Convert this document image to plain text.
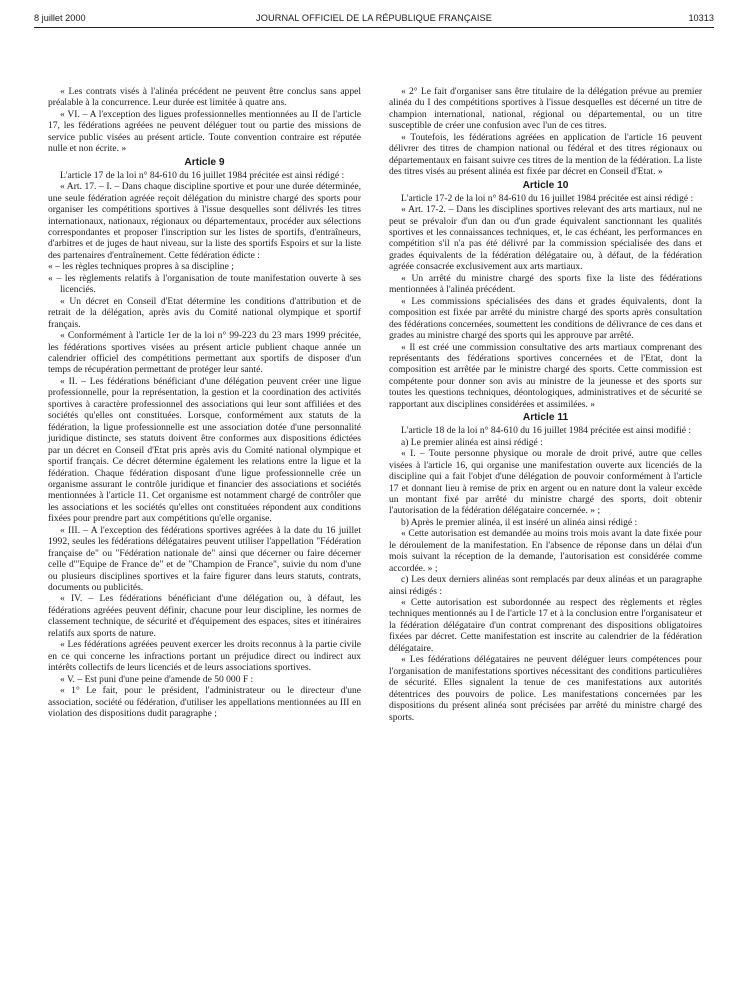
8 juillet 2000	JOURNAL OFFICIEL DE LA RÉPUBLIQUE FRANÇAISE	10313

« Les contrats visés à l'alinéa précédent ne peuvent être conclus sans appel préalable à la concurrence. Leur durée est limitée à quatre ans.

« VI. – A l'exception des ligues professionnelles mentionnées au II de l'article 17, les fédérations agréées ne peuvent déléguer tout ou partie des missions de service public visées au présent article. Toute convention contraire est réputée nulle et non écrite. »

Article 9

L'article 17 de la loi n° 84-610 du 16 juillet 1984 précitée est ainsi rédigé :

« Art. 17. – I. – Dans chaque discipline sportive et pour une durée déterminée, une seule fédération agréée reçoit délégation du ministre chargé des sports pour organiser les compétitions sportives à l'issue desquelles sont délivrés les titres internationaux, nationaux, régionaux ou départementaux, procéder aux sélections correspondantes et proposer l'inscription sur les listes de sportifs, d'entraîneurs, d'arbitres et de juges de haut niveau, sur la liste des sportifs Espoirs et sur la liste des partenaires d'entraînement. Cette fédération édicte :

« – les règles techniques propres à sa discipline ;

« – les règlements relatifs à l'organisation de toute manifestation ouverte à ses licenciés.

« Un décret en Conseil d'Etat détermine les conditions d'attribution et de retrait de la délégation, après avis du Comité national olympique et sportif français.

« Conformément à l'article 1er de la loi n° 99-223 du 23 mars 1999 précitée, les fédérations sportives visées au présent article publient chaque année un calendrier officiel des compétitions permettant aux sportifs de disposer d'un temps de récupération permettant de protéger leur santé.

« II. – Les fédérations bénéficiant d'une délégation peuvent créer une ligue professionnelle, pour la représentation, la gestion et la coordination des activités sportives à caractère professionnel des associations qui leur sont affiliées et des sociétés qu'elles ont constituées. Lorsque, conformément aux statuts de la fédération, la ligue professionnelle est une association dotée d'une personnalité juridique distincte, ses statuts doivent être conformes aux dispositions édictées par un décret en Conseil d'Etat pris après avis du Comité national olympique et sportif français. Ce décret détermine également les relations entre la ligue et la fédération. Chaque fédération disposant d'une ligue professionnelle crée un organisme assurant le contrôle juridique et financier des associations et sociétés mentionnées à l'article 11. Cet organisme est notamment chargé de contrôler que les associations et les sociétés qu'elles ont constituées répondent aux conditions fixées pour prendre part aux compétitions qu'elle organise.

« III. – A l'exception des fédérations sportives agréées à la date du 16 juillet 1992, seules les fédérations délégataires peuvent utiliser l'appellation "Fédération française de" ou "Fédération nationale de" ainsi que décerner ou faire décerner celle d'"Equipe de France de" et de "Champion de France", suivie du nom d'une ou plusieurs disciplines sportives et la faire figurer dans leurs statuts, contrats, documents ou publicités.

« IV. – Les fédérations bénéficiant d'une délégation ou, à défaut, les fédérations agréées peuvent définir, chacune pour leur discipline, les normes de classement technique, de sécurité et d'équipement des espaces, sites et itinéraires relatifs aux sports de nature.

« Les fédérations agréées peuvent exercer les droits reconnus à la partie civile en ce qui concerne les infractions portant un préjudice direct ou indirect aux intérêts collectifs de leurs licenciés et de leurs associations sportives.

« V. – Est puni d'une peine d'amende de 50 000 F :

« 1° Le fait, pour le président, l'administrateur ou le directeur d'une association, société ou fédération, d'utiliser les appellations mentionnées au III en violation des dispositions dudit paragraphe ;

« 2° Le fait d'organiser sans être titulaire de la délégation prévue au premier alinéa du I des compétitions sportives à l'issue desquelles est décerné un titre de champion international, national, régional ou départemental, ou un titre susceptible de créer une confusion avec l'un de ces titres.

« Toutefois, les fédérations agréées en application de l'article 16 peuvent délivrer des titres de champion national ou fédéral et des titres régionaux ou départementaux en faisant suivre ces titres de la mention de la fédération. La liste des titres visés au présent alinéa est fixée par décret en Conseil d'Etat. »

Article 10

L'article 17-2 de la loi n° 84-610 du 16 juillet 1984 précitée est ainsi rédigé :

« Art. 17-2. – Dans les disciplines sportives relevant des arts martiaux, nul ne peut se prévaloir d'un dan ou d'un grade équivalent sanctionnant les qualités sportives et les connaissances techniques, et, le cas échéant, les performances en compétition s'il n'a pas été délivré par la commission spécialisée des dans et grades équivalents de la fédération délégataire ou, à défaut, de la fédération agréée consacrée exclusivement aux arts martiaux.

« Un arrêté du ministre chargé des sports fixe la liste des fédérations mentionnées à l'alinéa précédent.

« Les commissions spécialisées des dans et grades équivalents, dont la composition est fixée par arrêté du ministre chargé des sports après consultation des fédérations concernées, soumettent les conditions de délivrance de ces dans et grades au ministre chargé des sports qui les approuve par arrêté.

« Il est créé une commission consultative des arts martiaux comprenant des représentants des fédérations sportives concernées et de l'Etat, dont la composition est arrêtée par le ministre chargé des sports. Cette commission est compétente pour donner son avis au ministre de la jeunesse et des sports sur toutes les questions techniques, déontologiques, administratives et de sécurité se rapportant aux disciplines considérées et assimilées. »

Article 11

L'article 18 de la loi n° 84-610 du 16 juillet 1984 précitée est ainsi modifié :

a) Le premier alinéa est ainsi rédigé :

« I. – Toute personne physique ou morale de droit privé, autre que celles visées à l'article 16, qui organise une manifestation ouverte aux licenciés de la discipline qui a fait l'objet d'une délégation de pouvoir conformément à l'article 17 et donnant lieu à remise de prix en argent ou en nature dont la valeur excède un montant fixé par arrêté du ministre chargé des sports, doit obtenir l'autorisation de la fédération délégataire concernée. » ;

b) Après le premier alinéa, il est inséré un alinéa ainsi rédigé :

« Cette autorisation est demandée au moins trois mois avant la date fixée pour le déroulement de la manifestation. En l'absence de réponse dans un délai d'un mois suivant la réception de la demande, l'autorisation est considérée comme accordée. » ;

c) Les deux derniers alinéas sont remplacés par deux alinéas et un paragraphe ainsi rédigés :

« Cette autorisation est subordonnée au respect des règlements et règles techniques mentionnés au I de l'article 17 et à la conclusion entre l'organisateur et la fédération délégataire d'un contrat comprenant des dispositions obligatoires fixées par décret. Cette manifestation est inscrite au calendrier de la fédération délégataire.

« Les fédérations délégataires ne peuvent déléguer leurs compétences pour l'organisation de manifestations sportives nécessitant des conditions particulières de sécurité. Elles signalent la tenue de ces manifestations aux autorités détentrices des pouvoirs de police. Les manifestations concernées par les dispositions du présent alinéa sont précisées par arrêté du ministre chargé des sports.
